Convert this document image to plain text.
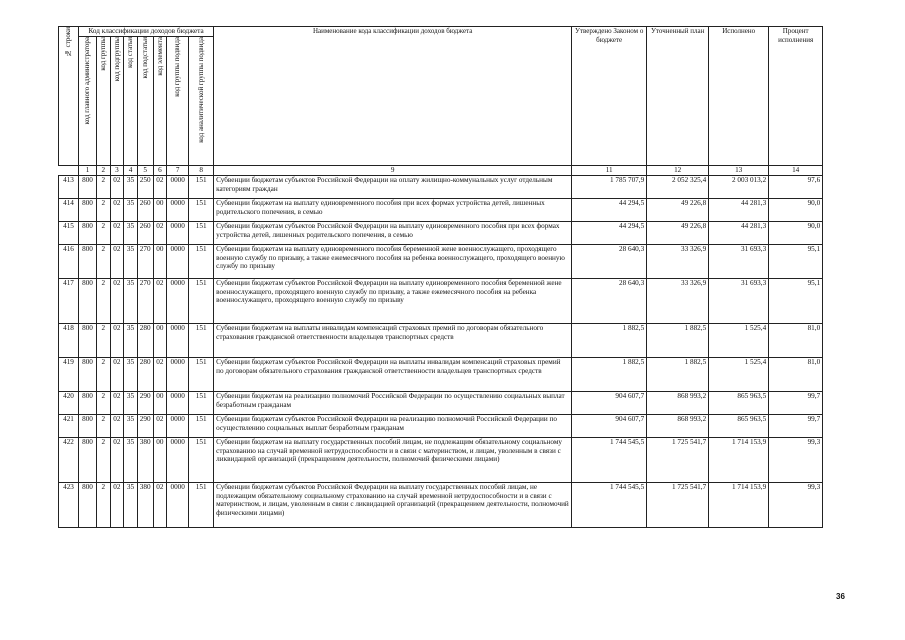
№ строки	Код классификации доходов бюджета								Наименование кода классификации доходов бюджета	Утверждено Законом о бюджете	Уточненный план	Исполнено	Процент исполнения
	код главного администратора	код группы	код подгруппы	код статьи	код подстатьи	код элемента	код группы подвида	код аналитической группы подвида					
	1	2	3	4	5	6	7	8	9	11	12	13	14
413	800	2	02	35	250	02	0000	151	Субвенции бюджетам субъектов Российской Федерации на оплату жилищно-коммунальных услуг отдельным категориям граждан	1 785 707,9	2 052 325,4	2 003 013,2	97,6
414	800	2	02	35	260	00	0000	151	Субвенции бюджетам на выплату единовременного пособия при всех формах устройства детей, лишенных родительского попечения, в семью	44 294,5	49 226,8	44 281,3	90,0
415	800	2	02	35	260	02	0000	151	Субвенции бюджетам субъектов Российской Федерации на выплату единовременного пособия при всех формах устройства детей, лишенных родительского попечения, в семью	44 294,5	49 226,8	44 281,3	90,0
416	800	2	02	35	270	00	0000	151	Субвенции бюджетам на выплату единовременного пособия беременной жене военнослужащего, проходящего военную службу по призыву, а также ежемесячного пособия на ребенка военнослужащего, проходящего военную службу по призыву	28 640,3	33 326,9	31 693,3	95,1
417	800	2	02	35	270	02	0000	151	Субвенции бюджетам субъектов Российской Федерации на выплату единовременного пособия беременной жене военнослужащего, проходящего военную службу по призыву, а также ежемесячного пособия на ребенка военнослужащего, проходящего военную службу по призыву	28 640,3	33 326,9	31 693,3	95,1
418	800	2	02	35	280	00	0000	151	Субвенции бюджетам на выплаты инвалидам компенсаций страховых премий по договорам обязательного страхования гражданской ответственности владельцев транспортных средств	1 882,5	1 882,5	1 525,4	81,0
419	800	2	02	35	280	02	0000	151	Субвенции бюджетам субъектов Российской Федерации на выплаты инвалидам компенсаций страховых премий по договорам обязательного страхования гражданской ответственности владельцев транспортных средств	1 882,5	1 882,5	1 525,4	81,0
420	800	2	02	35	290	00	0000	151	Субвенции бюджетам на реализацию полномочий Российской Федерации по осуществлению социальных выплат безработным гражданам	904 607,7	868 993,2	865 963,5	99,7
421	800	2	02	35	290	02	0000	151	Субвенции бюджетам субъектов Российской Федерации на реализацию полномочий Российской Федерации по осуществлению социальных выплат безработным гражданам	904 607,7	868 993,2	865 963,5	99,7
422	800	2	02	35	380	00	0000	151	Субвенции бюджетам на выплату государственных пособий лицам, не подлежащим обязательному социальному страхованию на случай временной нетрудоспособности и в связи с материнством, и лицам, уволенным в связи с ликвидацией организаций (прекращением деятельности, полномочий физическими лицами)	1 744 545,5	1 725 541,7	1 714 153,9	99,3
423	800	2	02	35	380	02	0000	151	Субвенции бюджетам субъектов Российской Федерации на выплату государственных пособий лицам, не подлежащим обязательному социальному страхованию на случай временной нетрудоспособности и в связи с материнством, и лицам, уволенным в связи с ликвидацией организаций (прекращением деятельности, полномочий физическими лицами)	1 744 545,5	1 725 541,7	1 714 153,9	99,3
36
